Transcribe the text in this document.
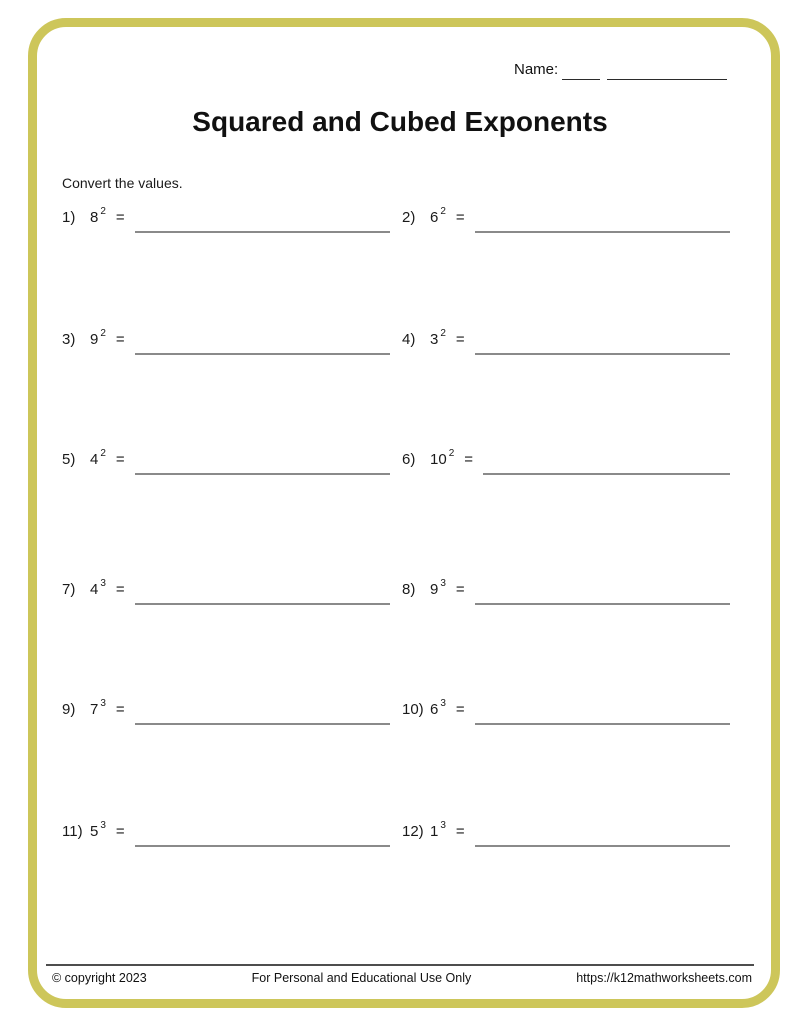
Name:
Squared and Cubed Exponents
Convert the values.
1) 8 2 =	2) 6 2 =
3) 9 2 =	4) 3 2 =
5) 4 2 =	6) 10 2 =
7) 4 3 =	8) 9 3 =
9) 7 3 =	10) 6 3 =
11) 5 3 =	12) 1 3 =
© copyright 2023	For Personal and Educational Use Only	https://k12mathworksheets.com
